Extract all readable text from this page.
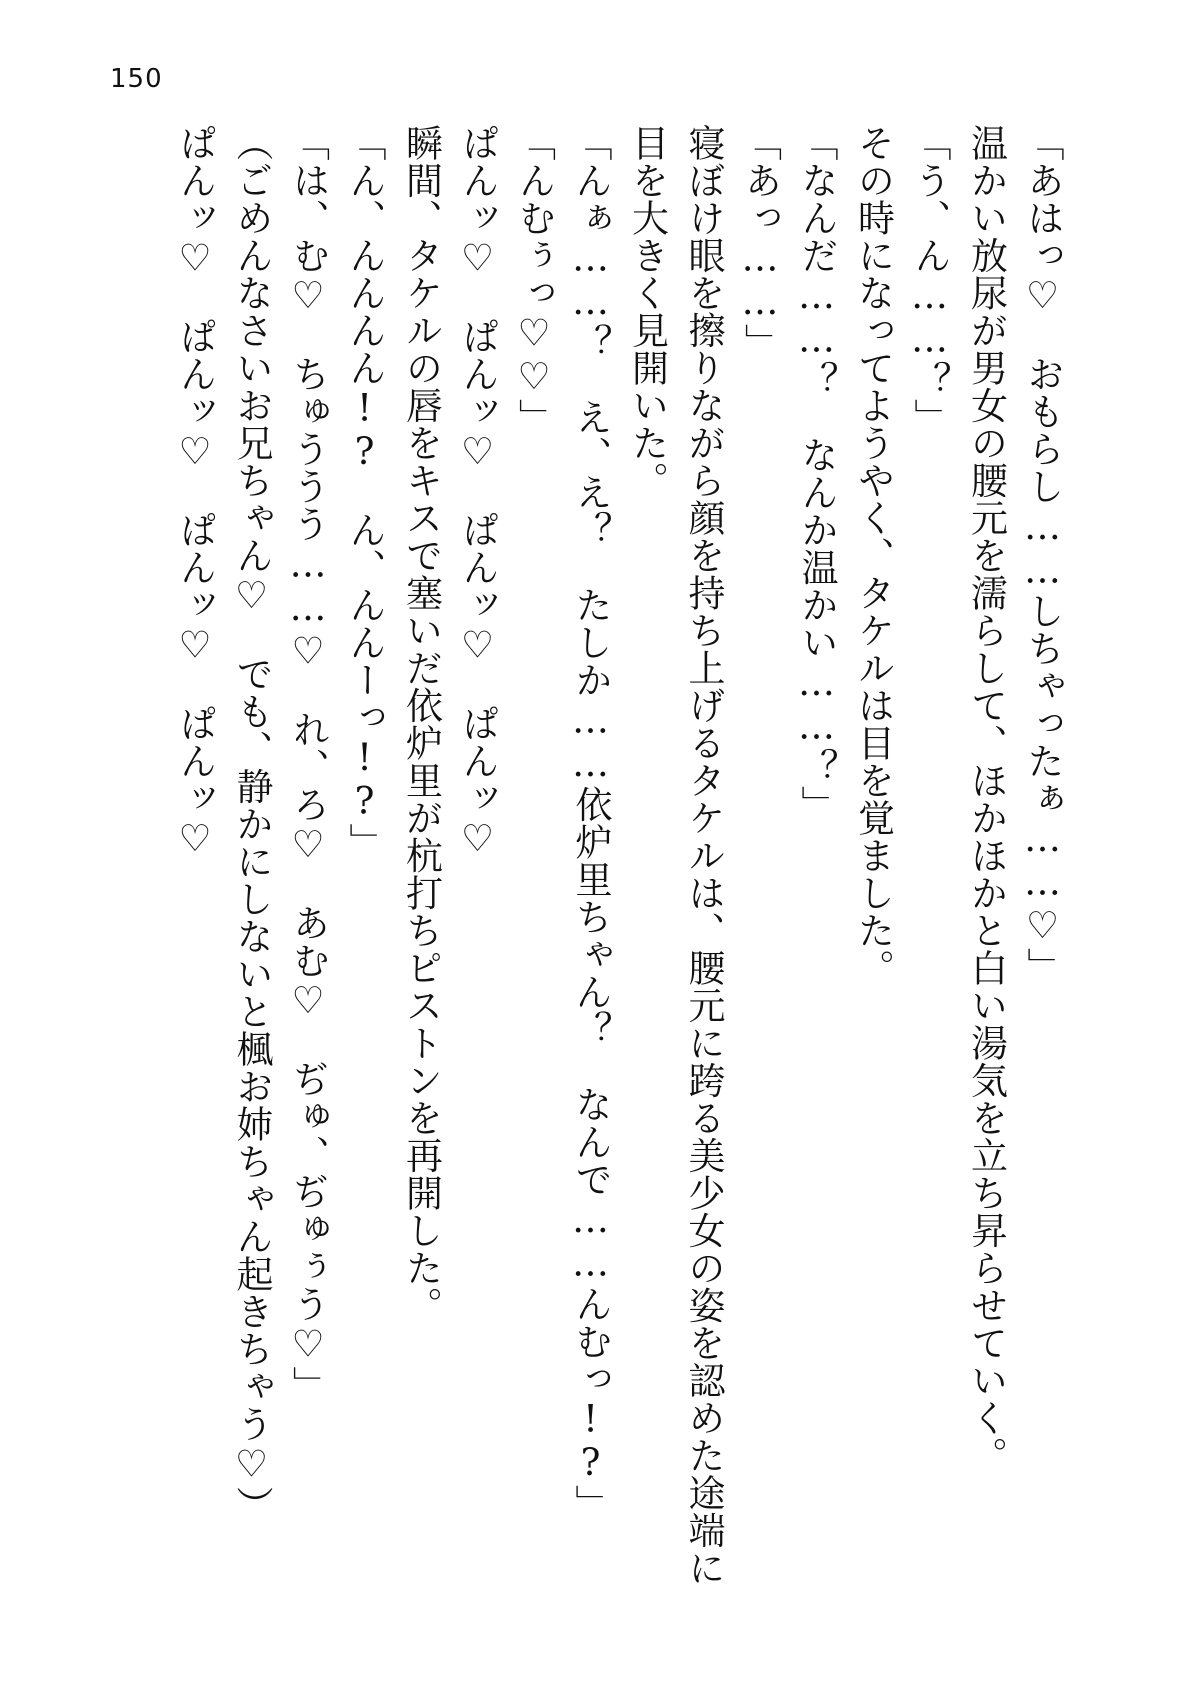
150
「あはっ♡　おもらし……しちゃったぁ……♡」
温かい放尿が男女の腰元を濡らして、ほかほかと白い湯気を立ち昇らせていく。
「う、ん……？」
その時になってようやく、タケルは目を覚ました。
「なんだ……？　なんか温かい……？」
「あっ……」
寝ぼけ眼を擦りながら顔を持ち上げるタケルは、腰元に跨る美少女の姿を認めた途端に
目を大きく見開いた。
「んぁ……？　え、え？　たしか……依炉里ちゃん？　なんで……んむっ!?」
「んむぅっ♡♡」
ぱんッ♡　ぱんッ♡　ぱんッ♡　ぱんッ♡
瞬間、タケルの唇をキスで塞いだ依炉里が杭打ちピストンを再開した。
「ん、んんんん!?　ん、んんーっ!?」
「は、む♡　ちゅううう……♡　れ、ろ♡　あむ♡　ぢゅ、ぢゅぅう♡」
（ごめんなさいお兄ちゃん♡　でも、静かにしないと楓お姉ちゃん起きちゃう♡）
ぱんッ♡　ぱんッ♡　ぱんッ♡　ぱんッ♡
